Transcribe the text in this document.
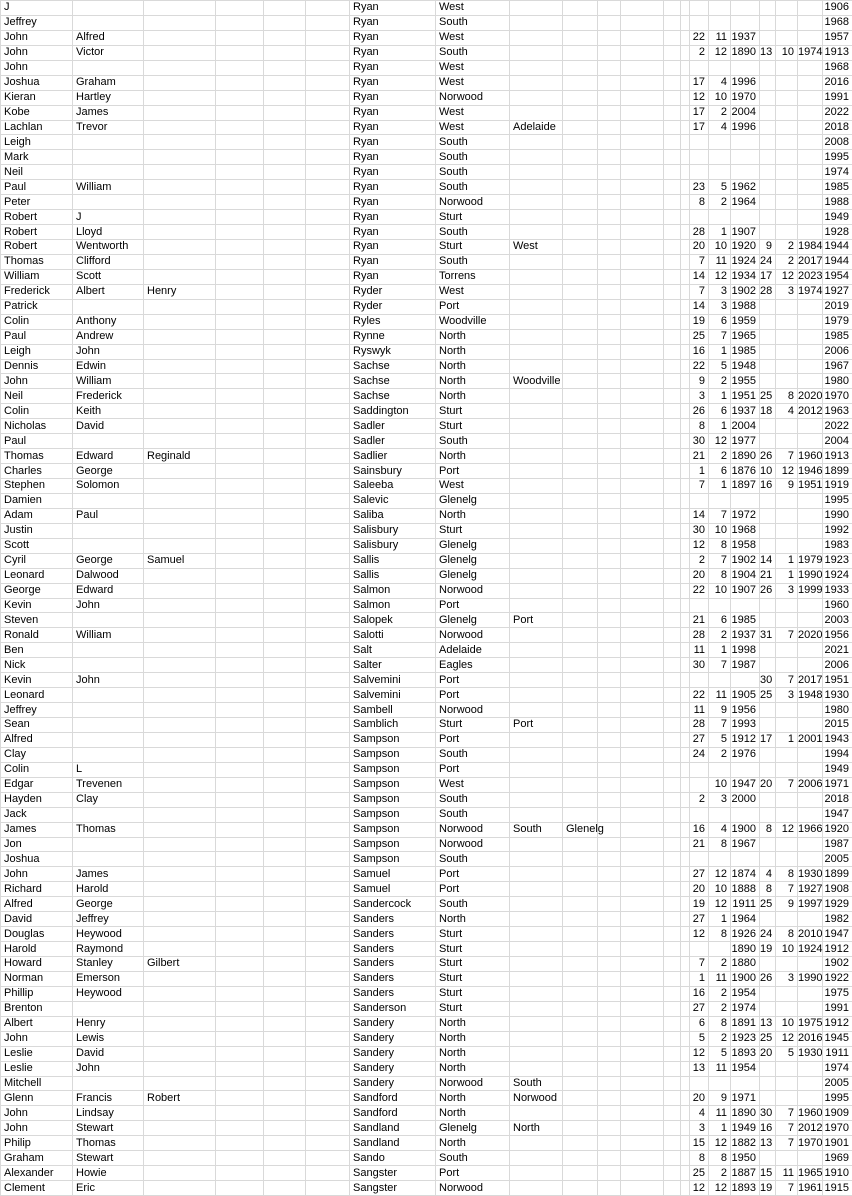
J						Ryan	West													1906
Jeffrey						Ryan	South													1968
John	Alfred					Ryan	West							22	11	1937				1957
John	Victor					Ryan	South							2	12	1890	13	10	1974	1913
John						Ryan	West													1968
Joshua	Graham					Ryan	West							17	4	1996				2016
Kieran	Hartley					Ryan	Norwood							12	10	1970				1991
Kobe	James					Ryan	West							17	2	2004				2022
Lachlan	Trevor					Ryan	West	Adelaide						17	4	1996				2018
Leigh						Ryan	South													2008
Mark						Ryan	South													1995
Neil						Ryan	South													1974
Paul	William					Ryan	South							23	5	1962				1985
Peter						Ryan	Norwood							8	2	1964				1988
Robert	J					Ryan	Sturt													1949
Robert	Lloyd					Ryan	South							28	1	1907				1928
Robert	Wentworth					Ryan	Sturt	West						20	10	1920	9	2	1984	1944
Thomas	Clifford					Ryan	South							7	11	1924	24	2	2017	1944
William	Scott					Ryan	Torrens							14	12	1934	17	12	2023	1954
Frederick	Albert	Henry				Ryder	West							7	3	1902	28	3	1974	1927
Patrick						Ryder	Port							14	3	1988				2019
Colin	Anthony					Ryles	Woodville							19	6	1959				1979
Paul	Andrew					Rynne	North							25	7	1965				1985
Leigh	John					Ryswyk	North							16	1	1985				2006
Dennis	Edwin					Sachse	North							22	5	1948				1967
John	William					Sachse	North	Woodville						9	2	1955				1980
Neil	Frederick					Sachse	North							3	1	1951	25	8	2020	1970
Colin	Keith					Saddington	Sturt							26	6	1937	18	4	2012	1963
Nicholas	David					Sadler	Sturt							8	1	2004				2022
Paul						Sadler	South							30	12	1977				2004
Thomas	Edward	Reginald				Sadlier	North							21	2	1890	26	7	1960	1913
Charles	George					Sainsbury	Port							1	6	1876	10	12	1946	1899
Stephen	Solomon					Saleeba	West							7	1	1897	16	9	1951	1919
Damien						Salevic	Glenelg													1995
Adam	Paul					Saliba	North							14	7	1972				1990
Justin						Salisbury	Sturt							30	10	1968				1992
Scott						Salisbury	Glenelg							12	8	1958				1983
Cyril	George	Samuel				Sallis	Glenelg							2	7	1902	14	1	1979	1923
Leonard	Dalwood					Sallis	Glenelg							20	8	1904	21	1	1990	1924
George	Edward					Salmon	Norwood							22	10	1907	26	3	1999	1933
Kevin	John					Salmon	Port													1960
Steven						Salopek	Glenelg	Port						21	6	1985				2003
Ronald	William					Salotti	Norwood							28	2	1937	31	7	2020	1956
Ben						Salt	Adelaide							11	1	1998				2021
Nick						Salter	Eagles							30	7	1987				2006
Kevin	John					Salvemini	Port										30	7	2017	1951
Leonard						Salvemini	Port							22	11	1905	25	3	1948	1930
Jeffrey						Sambell	Norwood							11	9	1956				1980
Sean						Samblich	Sturt	Port						28	7	1993				2015
Alfred						Sampson	Port							27	5	1912	17	1	2001	1943
Clay						Sampson	South							24	2	1976				1994
Colin	L					Sampson	Port													1949
Edgar	Trevenen					Sampson	West								10	1947	20	7	2006	1971
Hayden	Clay					Sampson	South							2	3	2000				2018
Jack						Sampson	South													1947
James	Thomas					Sampson	Norwood	South	Glenelg					16	4	1900	8	12	1966	1920
Jon						Sampson	Norwood							21	8	1967				1987
Joshua						Sampson	South													2005
John	James					Samuel	Port							27	12	1874	4	8	1930	1899
Richard	Harold					Samuel	Port							20	10	1888	8	7	1927	1908
Alfred	George					Sandercock	South							19	12	1911	25	9	1997	1929
David	Jeffrey					Sanders	North							27	1	1964				1982
Douglas	Heywood					Sanders	Sturt							12	8	1926	24	8	2010	1947
Harold	Raymond					Sanders	Sturt									1890	19	10	1924	1912
Howard	Stanley	Gilbert				Sanders	Sturt							7	2	1880				1902
Norman	Emerson					Sanders	Sturt							1	11	1900	26	3	1990	1922
Phillip	Heywood					Sanders	Sturt							16	2	1954				1975
Brenton						Sanderson	Sturt							27	2	1974				1991
Albert	Henry					Sandery	North							6	8	1891	13	10	1975	1912
John	Lewis					Sandery	North							5	2	1923	25	12	2016	1945
Leslie	David					Sandery	North							12	5	1893	20	5	1930	1911
Leslie	John					Sandery	North							13	11	1954				1974
Mitchell						Sandery	Norwood	South												2005
Glenn	Francis	Robert				Sandford	North	Norwood						20	9	1971				1995
John	Lindsay					Sandford	North							4	11	1890	30	7	1960	1909
John	Stewart					Sandland	Glenelg	North						3	1	1949	16	7	2012	1970
Philip	Thomas					Sandland	North							15	12	1882	13	7	1970	1901
Graham	Stewart					Sando	South							8	8	1950				1969
Alexander	Howie					Sangster	Port							25	2	1887	15	11	1965	1910
Clement	Eric					Sangster	Norwood							12	12	1893	19	7	1961	1915
